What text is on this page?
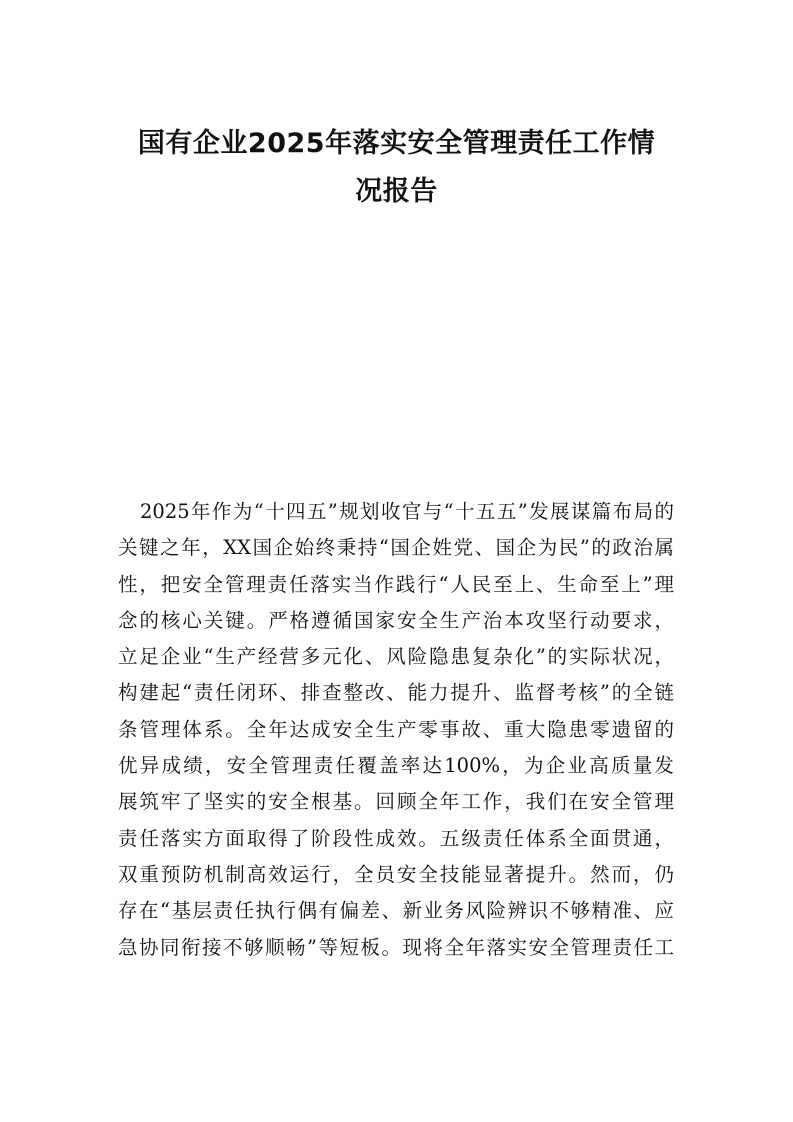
国有企业2025年落实安全管理责任工作情
况报告
2025年作为“十四五”规划收官与“十五五”发展谋篇布局的
关键之年，XX国企始终秉持“国企姓党、国企为民”的政治属
性，把安全管理责任落实当作践行“人民至上、生命至上”理
念的核心关键。严格遵循国家安全生产治本攻坚行动要求，
立足企业“生产经营多元化、风险隐患复杂化”的实际状况，
构建起“责任闭环、排查整改、能力提升、监督考核”的全链
条管理体系。全年达成安全生产零事故、重大隐患零遗留的
优异成绩，安全管理责任覆盖率达100%，为企业高质量发
展筑牢了坚实的安全根基。回顾全年工作，我们在安全管理
责任落实方面取得了阶段性成效。五级责任体系全面贯通，
双重预防机制高效运行，全员安全技能显著提升。然而，仍
存在“基层责任执行偶有偏差、新业务风险辨识不够精准、应
急协同衔接不够顺畅”等短板。现将全年落实安全管理责任工
